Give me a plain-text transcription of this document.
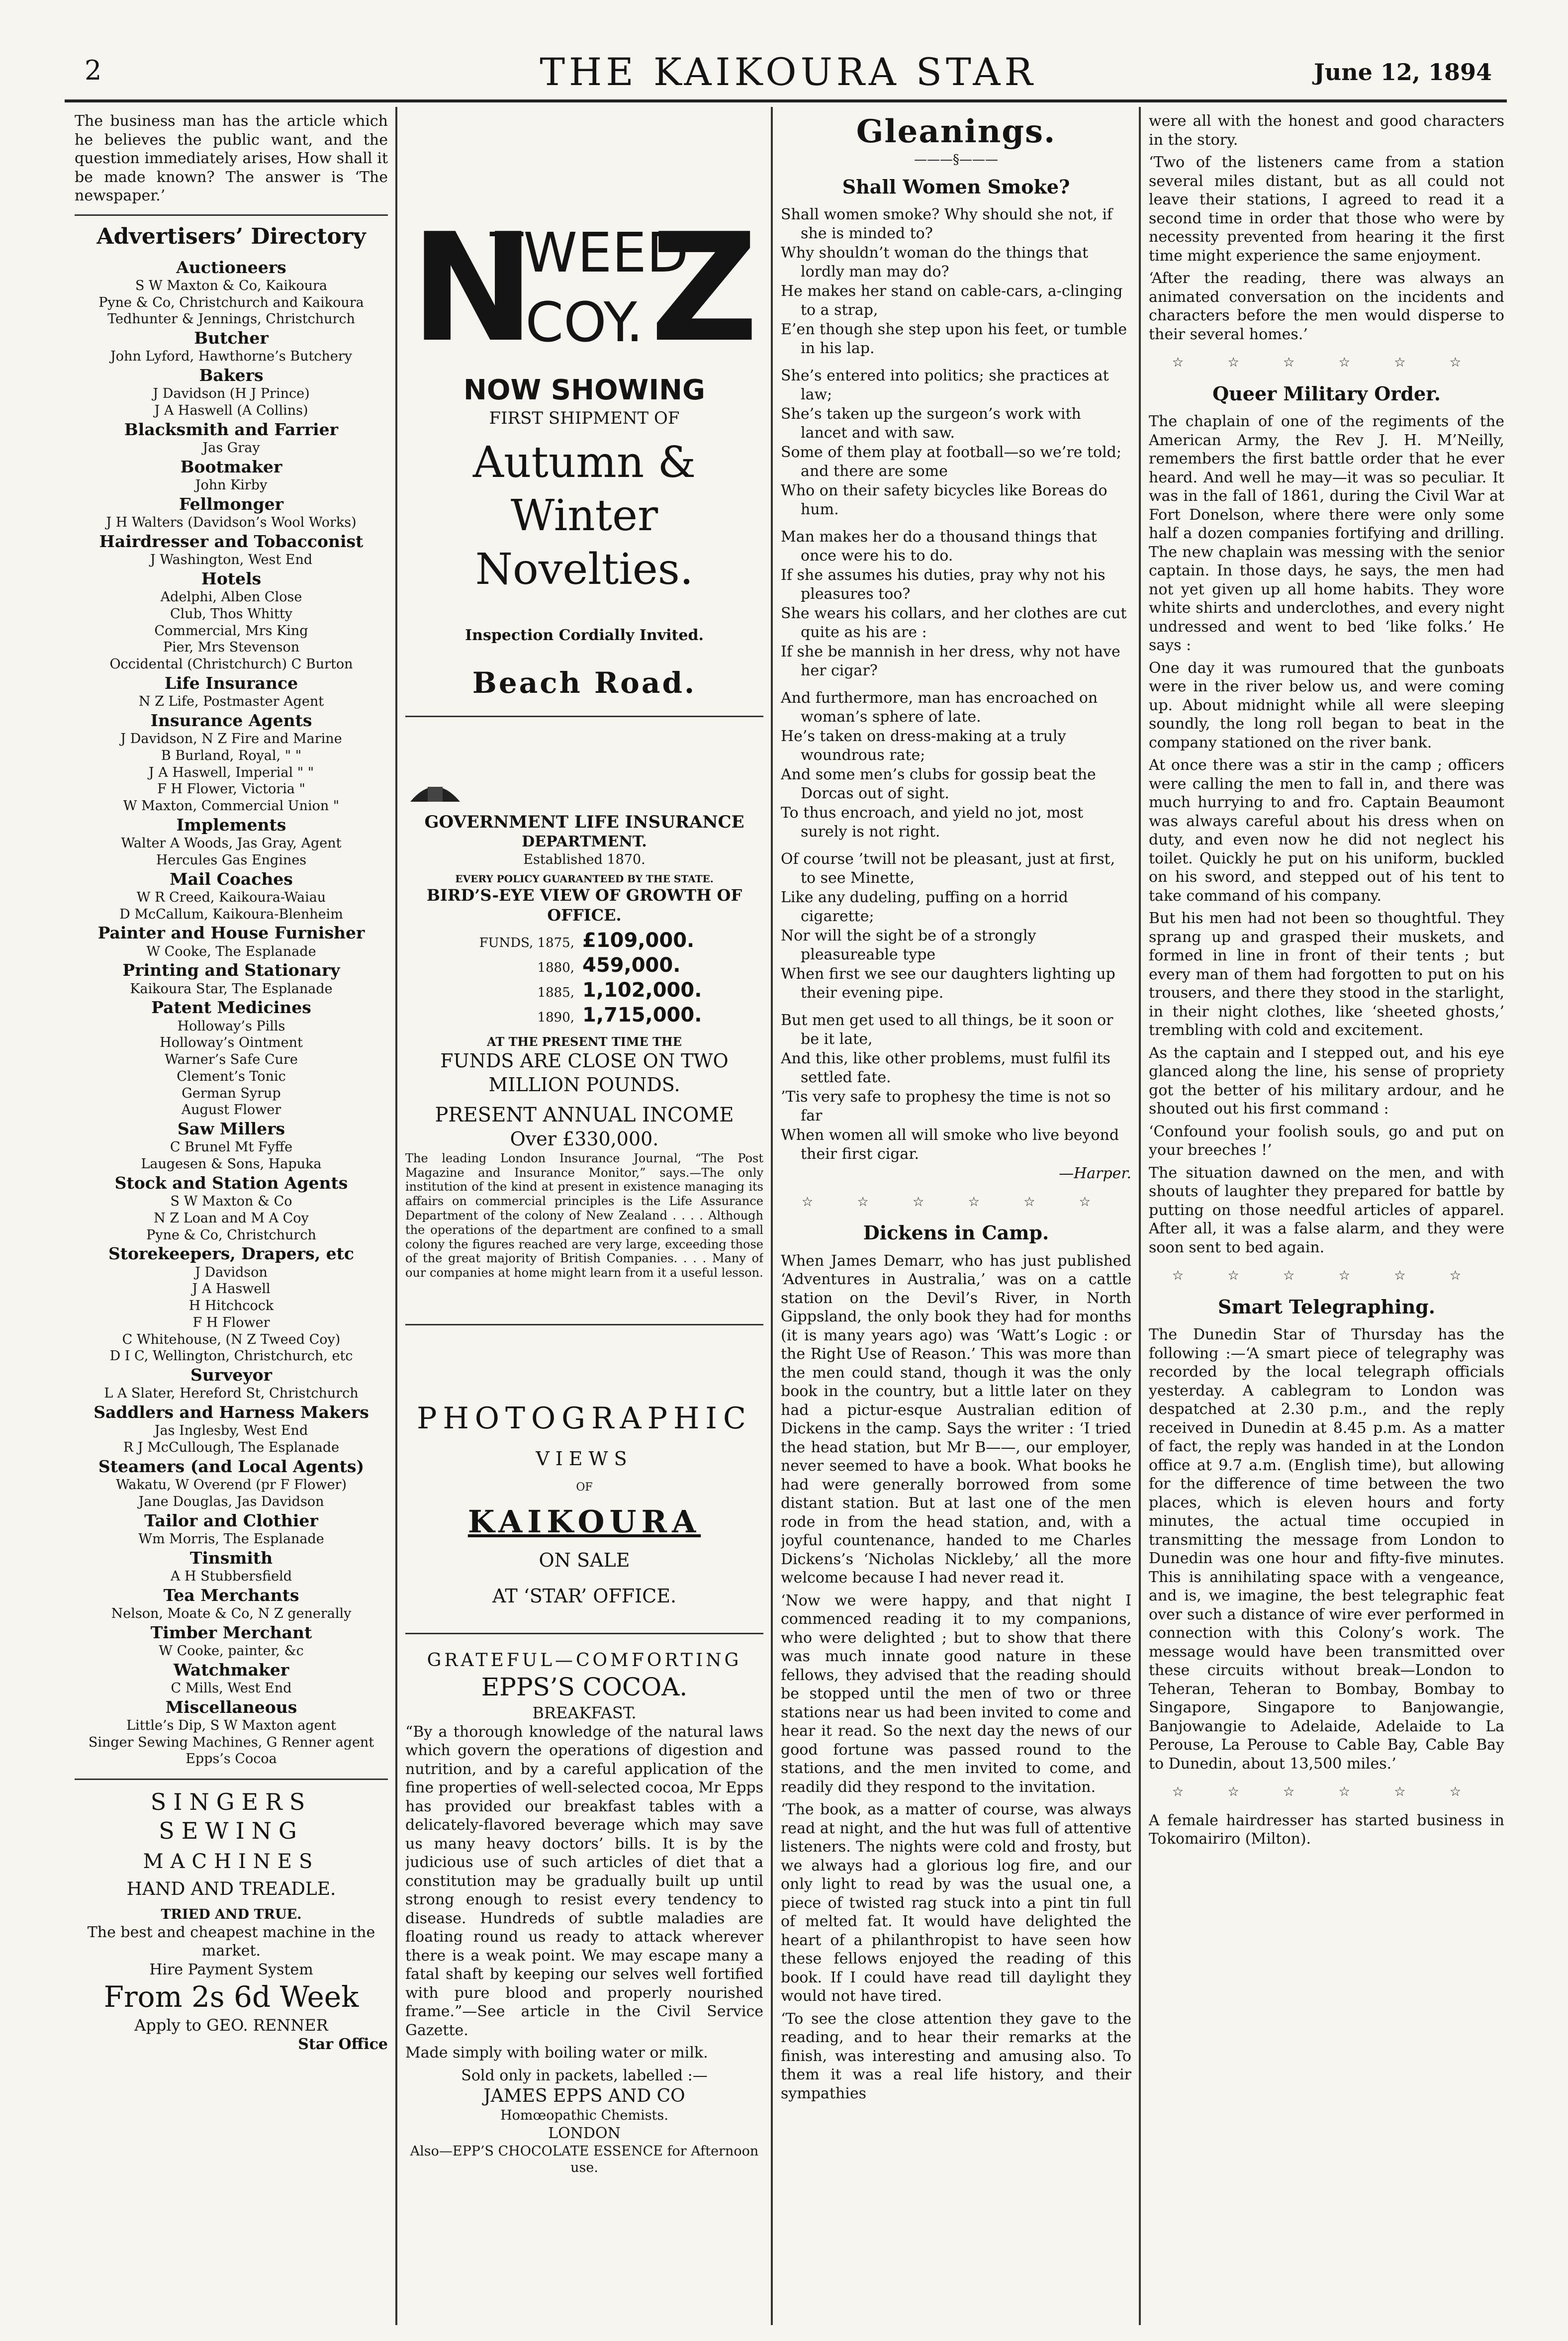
2	THE KAIKOURA STAR	June 12, 1894

The business man has the article which he believes the public want, and the question immediately arises, How shall it be made known? The answer is ‘The newspaper.’

Advertisers’ Directory
Auctioneers
S W Maxton & Co, Kaikoura
Pyne & Co, Christchurch and Kaikoura
Tedhunter & Jennings, Christchurch
Butcher
John Lyford, Hawthorne’s Butchery
Bakers
J Davidson (H J Prince)
J A Haswell (A Collins)
Blacksmith and Farrier
Jas Gray
Bootmaker
John Kirby
Fellmonger
J H Walters (Davidson’s Wool Works)
Hairdresser and Tobacconist
J Washington, West End
Hotels
Adelphi, Alben Close
Club, Thos Whitty
Commercial, Mrs King
Pier, Mrs Stevenson
Occidental (Christchurch) C Burton
Life Insurance
N Z Life, Postmaster Agent
Insurance Agents
J Davidson, N Z Fire and Marine
B Burland, Royal, " "
J A Haswell, Imperial " "
F H Flower, Victoria "
W Maxton, Commercial Union "
Implements
Walter A Woods, Jas Gray, Agent
Hercules Gas Engines
Mail Coaches
W R Creed, Kaikoura-Waiau
D McCallum, Kaikoura-Blenheim
Painter and House Furnisher
W Cooke, The Esplanade
Printing and Stationary
Kaikoura Star, The Esplanade
Patent Medicines
Holloway’s Pills
Holloway’s Ointment
Warner’s Safe Cure
Clement’s Tonic
German Syrup
August Flower
Saw Millers
C Brunel Mt Fyffe
Laugesen & Sons, Hapuka
Stock and Station Agents
S W Maxton & Co
N Z Loan and M A Coy
Pyne & Co, Christchurch
Storekeepers, Drapers, etc
J Davidson
J A Haswell
H Hitchcock
F H Flower
C Whitehouse, (N Z Tweed Coy)
D I C, Wellington, Christchurch, etc
Surveyor
L A Slater, Hereford St, Christchurch
Saddlers and Harness Makers
Jas Inglesby, West End
R J McCullough, The Esplanade
Steamers (and Local Agents)
Wakatu, W Overend (pr F Flower)
Jane Douglas, Jas Davidson
Tailor and Clothier
Wm Morris, The Esplanade
Tinsmith
A H Stubbersfield
Tea Merchants
Nelson, Moate & Co, N Z generally
Timber Merchant
W Cooke, painter, &c
Watchmaker
C Mills, West End
Miscellaneous
Little’s Dip, S W Maxton agent
Singer Sewing Machines, G Renner agent
Epps’s Cocoa
SINGERS SEWING
MACHINES
HAND AND TREADLE.
TRIED AND TRUE.
The best and cheapest machine in the market.
Hire Payment System
From 2s 6d Week
Apply to GEO. RENNER
Star Office
N Z
TWEED
COY.
NOW SHOWING
FIRST SHIPMENT OF
Autumn & Winter
Novelties.
Inspection Cordially Invited.
Beach Road.
GOVERNMENT LIFE INSURANCE
DEPARTMENT.
Established 1870.
EVERY POLICY GUARANTEED BY THE STATE.
BIRD’S-EYE VIEW OF GROWTH OF OFFICE.
FUNDS, 1875, £109,000.
1880, 459,000.
1885, 1,102,000.
1890, 1,715,000.
AT THE PRESENT TIME THE
FUNDS ARE CLOSE ON TWO MILLION POUNDS.
PRESENT ANNUAL INCOME
Over £330,000.

The leading London Insurance Journal, “The Post Magazine and Insurance Monitor,” says.—The only institution of the kind at present in existence managing its affairs on commercial principles is the Life Assurance Department of the colony of New Zealand . . . . Although the operations of the department are confined to a small colony the figures reached are very large, exceeding those of the great majority of British Companies. . . . Many of our companies at home might learn from it a useful lesson.

PHOTOGRAPHIC
VIEWS
OF
KAIKOURA
ON SALE
AT ‘STAR’ OFFICE.
GRATEFUL—COMFORTING
EPPS’S COCOA.
BREAKFAST.

“By a thorough knowledge of the natural laws which govern the operations of digestion and nutrition, and by a careful application of the fine properties of well-selected cocoa, Mr Epps has provided our breakfast tables with a delicately-flavored beverage which may save us many heavy doctors’ bills. It is by the judicious use of such articles of diet that a constitution may be gradually built up until strong enough to resist every tendency to disease. Hundreds of subtle maladies are floating round us ready to attack wherever there is a weak point. We may escape many a fatal shaft by keeping our selves well fortified with pure blood and properly nourished frame.”—See article in the Civil Service Gazette.

Made simply with boiling water or milk.

Sold only in packets, labelled :—
JAMES EPPS AND CO
Homœopathic Chemists.
LONDON
Also—EPP’S CHOCOLATE ESSENCE for Afternoon use.
Gleanings.
———§———
Shall Women Smoke?

Shall women smoke? Why should she not, if she is minded to?

Why shouldn’t woman do the things that lordly man may do?

He makes her stand on cable-cars, a-clinging to a strap,

E’en though she step upon his feet, or tumble in his lap.

She’s entered into politics; she practices at law;

She’s taken up the surgeon’s work with lancet and with saw.

Some of them play at football—so we’re told; and there are some

Who on their safety bicycles like Boreas do hum.

Man makes her do a thousand things that once were his to do.

If she assumes his duties, pray why not his pleasures too?

She wears his collars, and her clothes are cut quite as his are :

If she be mannish in her dress, why not have her cigar?

And furthermore, man has encroached on woman’s sphere of late.

He’s taken on dress-making at a truly woundrous rate;

And some men’s clubs for gossip beat the Dorcas out of sight.

To thus encroach, and yield no jot, most surely is not right.

Of course ’twill not be pleasant, just at first, to see Minette,

Like any dudeling, puffing on a horrid cigarette;

Nor will the sight be of a strongly pleasureable type

When first we see our daughters lighting up their evening pipe.

But men get used to all things, be it soon or be it late,

And this, like other problems, must fulfil its settled fate.

’Tis very safe to prophesy the time is not so far

When women all will smoke who live beyond their first cigar.

—Harper.
☆ ☆ ☆ ☆ ☆ ☆
Dickens in Camp.

When James Demarr, who has just published ‘Adventures in Australia,’ was on a cattle station on the Devil’s River, in North Gippsland, the only book they had for months (it is many years ago) was ‘Watt’s Logic : or the Right Use of Reason.’ This was more than the men could stand, though it was the only book in the country, but a little later on they had a pictur-esque Australian edition of Dickens in the camp. Says the writer : ‘I tried the head station, but Mr B——, our employer, never seemed to have a book. What books he had were generally borrowed from some distant station. But at last one of the men rode in from the head station, and, with a joyful countenance, handed to me Charles Dickens’s ‘Nicholas Nickleby,’ all the more welcome because I had never read it.

‘Now we were happy, and that night I commenced reading it to my companions, who were delighted ; but to show that there was much innate good nature in these fellows, they advised that the reading should be stopped until the men of two or three stations near us had been invited to come and hear it read. So the next day the news of our good fortune was passed round to the stations, and the men invited to come, and readily did they respond to the invitation.

‘The book, as a matter of course, was always read at night, and the hut was full of attentive listeners. The nights were cold and frosty, but we always had a glorious log fire, and our only light to read by was the usual one, a piece of twisted rag stuck into a pint tin full of melted fat. It would have delighted the heart of a philanthropist to have seen how these fellows enjoyed the reading of this book. If I could have read till daylight they would not have tired.

‘To see the close attention they gave to the reading, and to hear their remarks at the finish, was interesting and amusing also. To them it was a real life history, and their sympathies

were all with the honest and good characters in the story.

‘Two of the listeners came from a station several miles distant, but as all could not leave their stations, I agreed to read it a second time in order that those who were by necessity prevented from hearing it the first time might experience the same enjoyment.

‘After the reading, there was always an animated conversation on the incidents and characters before the men would disperse to their several homes.’

☆ ☆ ☆ ☆ ☆ ☆
Queer Military Order.

The chaplain of one of the regiments of the American Army, the Rev J. H. M’Neilly, remembers the first battle order that he ever heard. And well he may—it was so peculiar. It was in the fall of 1861, during the Civil War at Fort Donelson, where there were only some half a dozen companies fortifying and drilling. The new chaplain was messing with the senior captain. In those days, he says, the men had not yet given up all home habits. They wore white shirts and underclothes, and every night undressed and went to bed ‘like folks.’ He says :

One day it was rumoured that the gunboats were in the river below us, and were coming up. About midnight while all were sleeping soundly, the long roll began to beat in the company stationed on the river bank.

At once there was a stir in the camp ; officers were calling the men to fall in, and there was much hurrying to and fro. Captain Beaumont was always careful about his dress when on duty, and even now he did not neglect his toilet. Quickly he put on his uniform, buckled on his sword, and stepped out of his tent to take command of his company.

But his men had not been so thoughtful. They sprang up and grasped their muskets, and formed in line in front of their tents ; but every man of them had forgotten to put on his trousers, and there they stood in the starlight, in their night clothes, like ‘sheeted ghosts,’ trembling with cold and excitement.

As the captain and I stepped out, and his eye glanced along the line, his sense of propriety got the better of his military ardour, and he shouted out his first command :

‘Confound your foolish souls, go and put on your breeches !’

The situation dawned on the men, and with shouts of laughter they prepared for battle by putting on those needful articles of apparel. After all, it was a false alarm, and they were soon sent to bed again.

☆ ☆ ☆ ☆ ☆ ☆
Smart Telegraphing.

The Dunedin Star of Thursday has the following :—‘A smart piece of telegraphy was recorded by the local telegraph officials yesterday. A cablegram to London was despatched at 2.30 p.m., and the reply received in Dunedin at 8.45 p.m. As a matter of fact, the reply was handed in at the London office at 9.7 a.m. (English time), but allowing for the difference of time between the two places, which is eleven hours and forty minutes, the actual time occupied in transmitting the message from London to Dunedin was one hour and fifty-five minutes. This is annihilating space with a vengeance, and is, we imagine, the best telegraphic feat over such a distance of wire ever performed in connection with this Colony’s work. The message would have been transmitted over these circuits without break—London to Teheran, Teheran to Bombay, Bombay to Singapore, Singapore to Banjowangie, Banjowangie to Adelaide, Adelaide to La Perouse, La Perouse to Cable Bay, Cable Bay to Dunedin, about 13,500 miles.’

☆ ☆ ☆ ☆ ☆ ☆

A female hairdresser has started business in Tokomairiro (Milton).
